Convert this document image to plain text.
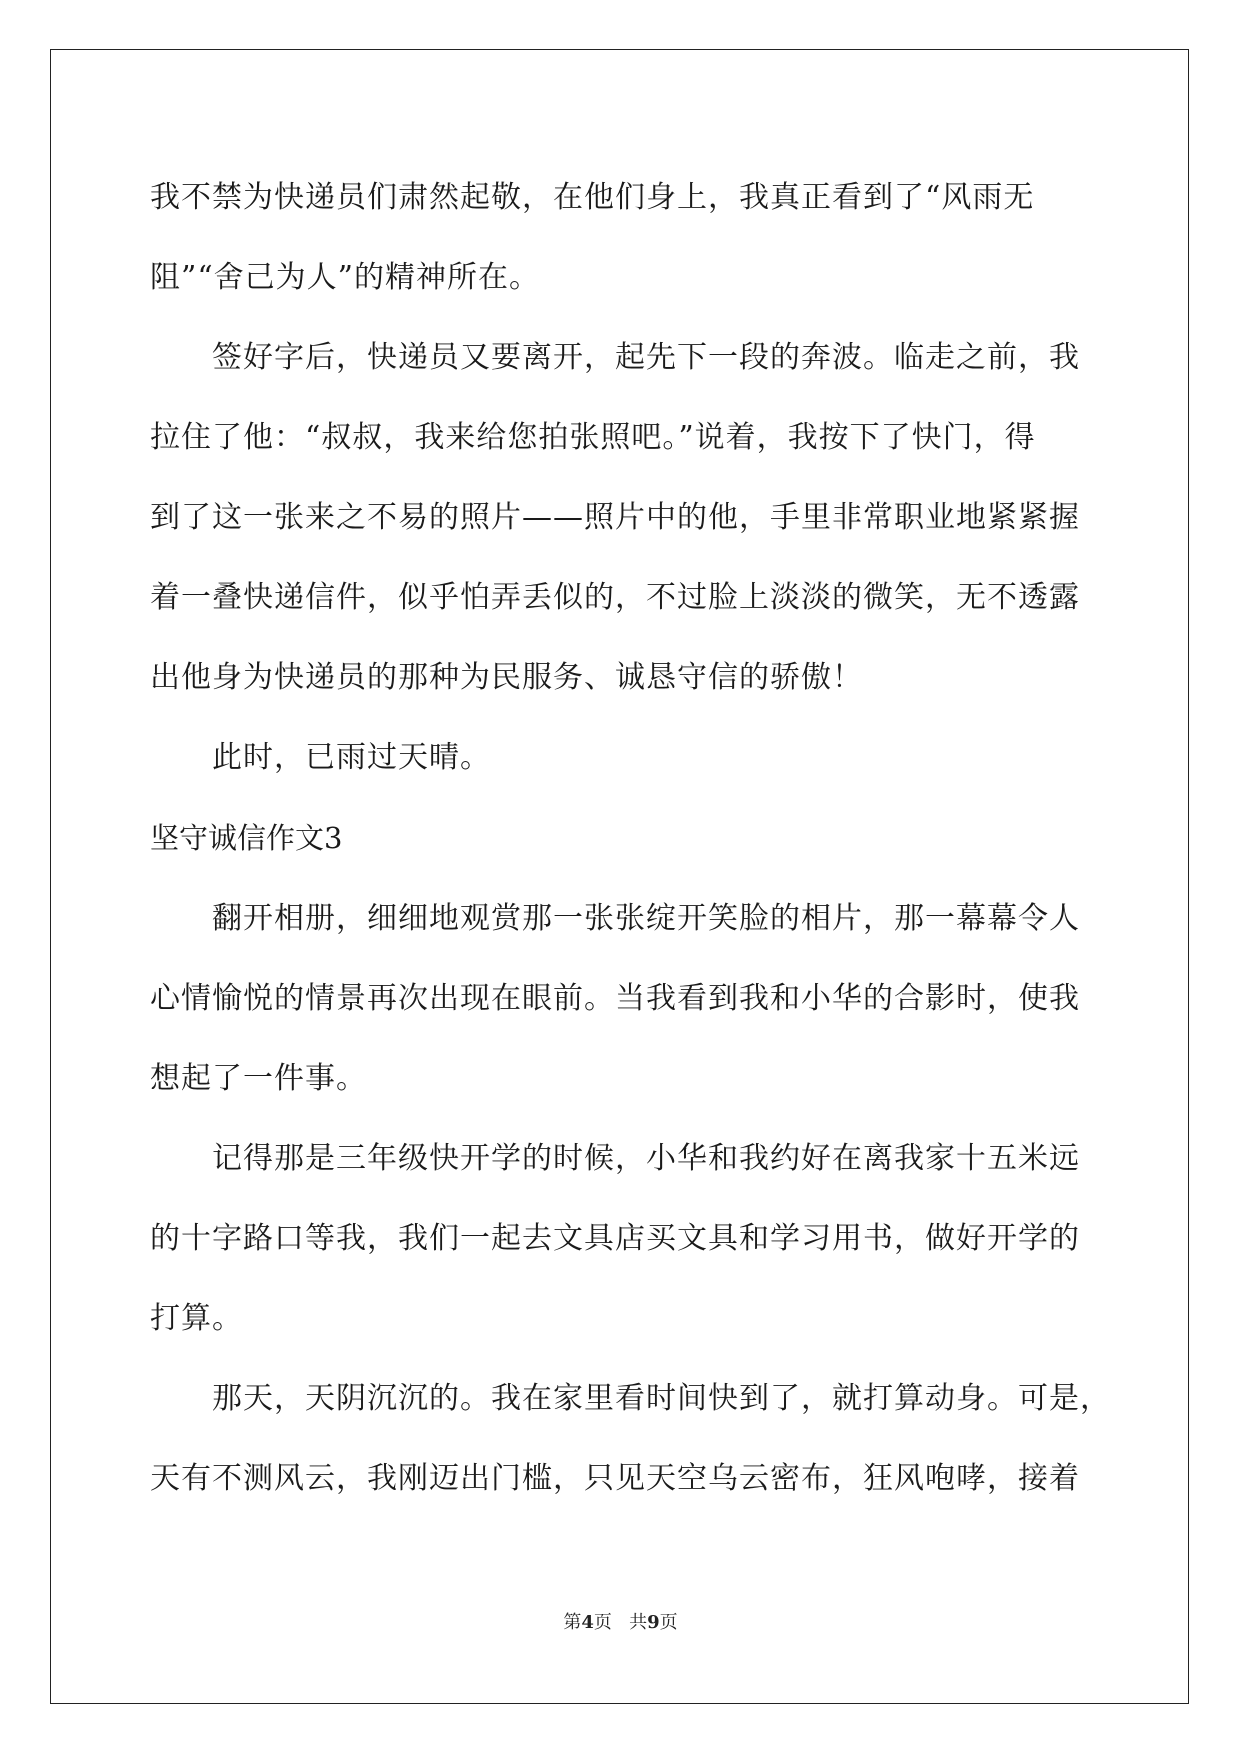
我不禁为快递员们肃然起敬，在他们身上，我真正看到了“风雨无
阻”“舍己为人”的精神所在。
　　签好字后，快递员又要离开，起先下一段的奔波。临走之前，我
拉住了他：“叔叔，我来给您拍张照吧。”说着，我按下了快门，得
到了这一张来之不易的照片——照片中的他，手里非常职业地紧紧握
着一叠快递信件，似乎怕弄丢似的，不过脸上淡淡的微笑，无不透露
出他身为快递员的那种为民服务、诚恳守信的骄傲！
　　此时，已雨过天晴。
坚守诚信作文3
　　翻开相册，细细地观赏那一张张绽开笑脸的相片，那一幕幕令人
心情愉悦的情景再次出现在眼前。当我看到我和小华的合影时，使我
想起了一件事。
　　记得那是三年级快开学的时候，小华和我约好在离我家十五米远
的十字路口等我，我们一起去文具店买文具和学习用书，做好开学的
打算。
　　那天，天阴沉沉的。我在家里看时间快到了，就打算动身。可是，
天有不测风云，我刚迈出门槛，只见天空乌云密布，狂风咆哮，接着
第4页 共9页
